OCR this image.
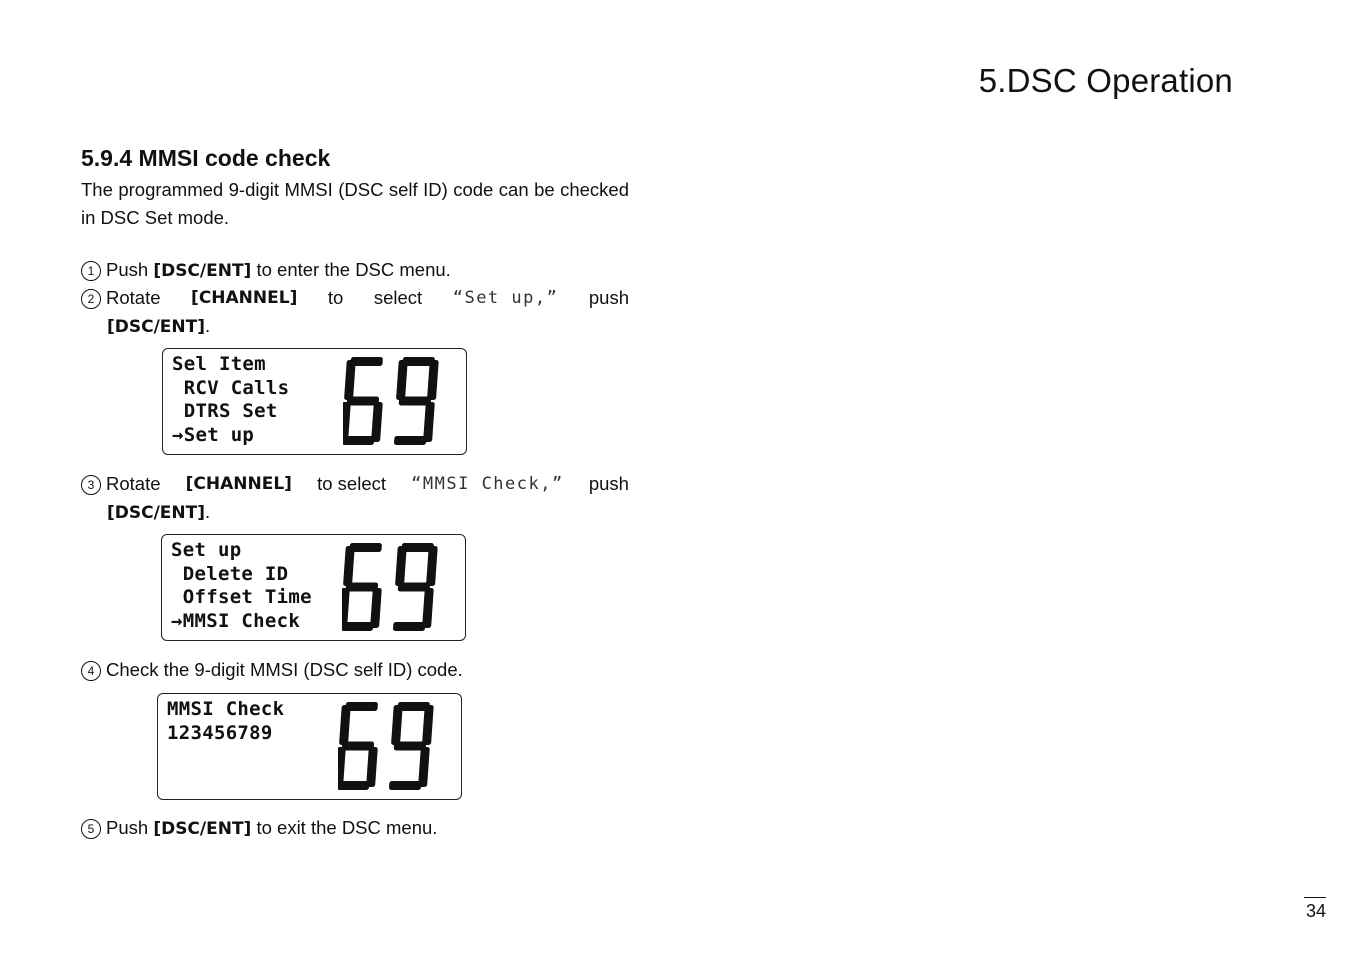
5.DSC Operation
5.9.4 MMSI code check
The programmed 9-digit MMSI (DSC self ID) code can be checked in DSC Set mode.
1 Push [DSC/ENT] to enter the DSC menu.
2 Rotate [CHANNEL] to select “Set up,” push
[DSC/ENT].
Sel Item
RCV Calls
DTRS Set
→Set up
3 Rotate [CHANNEL] to select “MMSI Check,” push
[DSC/ENT].
Set up
Delete ID
Offset Time
→MMSI Check
4 Check the 9-digit MMSI (DSC self ID) code.
MMSI Check
123456789
5 Push [DSC/ENT] to exit the DSC menu.
34
